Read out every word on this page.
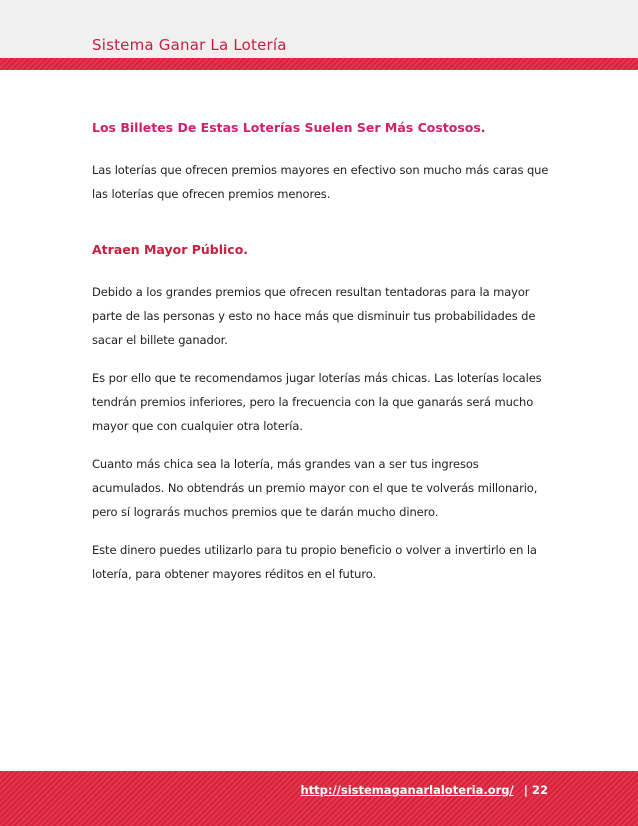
Sistema Ganar La Lotería
Los Billetes De Estas Loterías Suelen Ser Más Costosos.

Las loterías que ofrecen premios mayores en efectivo son mucho más caras que las loterías que ofrecen premios menores.

Atraen Mayor Público.

Debido a los grandes premios que ofrecen resultan tentadoras para la mayor parte de las personas y esto no hace más que disminuir tus probabilidades de sacar el billete ganador.

Es por ello que te recomendamos jugar loterías más chicas. Las loterías locales tendrán premios inferiores, pero la frecuencia con la que ganarás será mucho mayor que con cualquier otra lotería.

Cuanto más chica sea la lotería, más grandes van a ser tus ingresos acumulados. No obtendrás un premio mayor con el que te volverás millonario, pero sí lograrás muchos premios que te darán mucho dinero.

Este dinero puedes utilizarlo para tu propio beneficio o volver a invertirlo en la lotería, para obtener mayores réditos en el futuro.

http://sistemaganarlaloteria.org/ | 22
